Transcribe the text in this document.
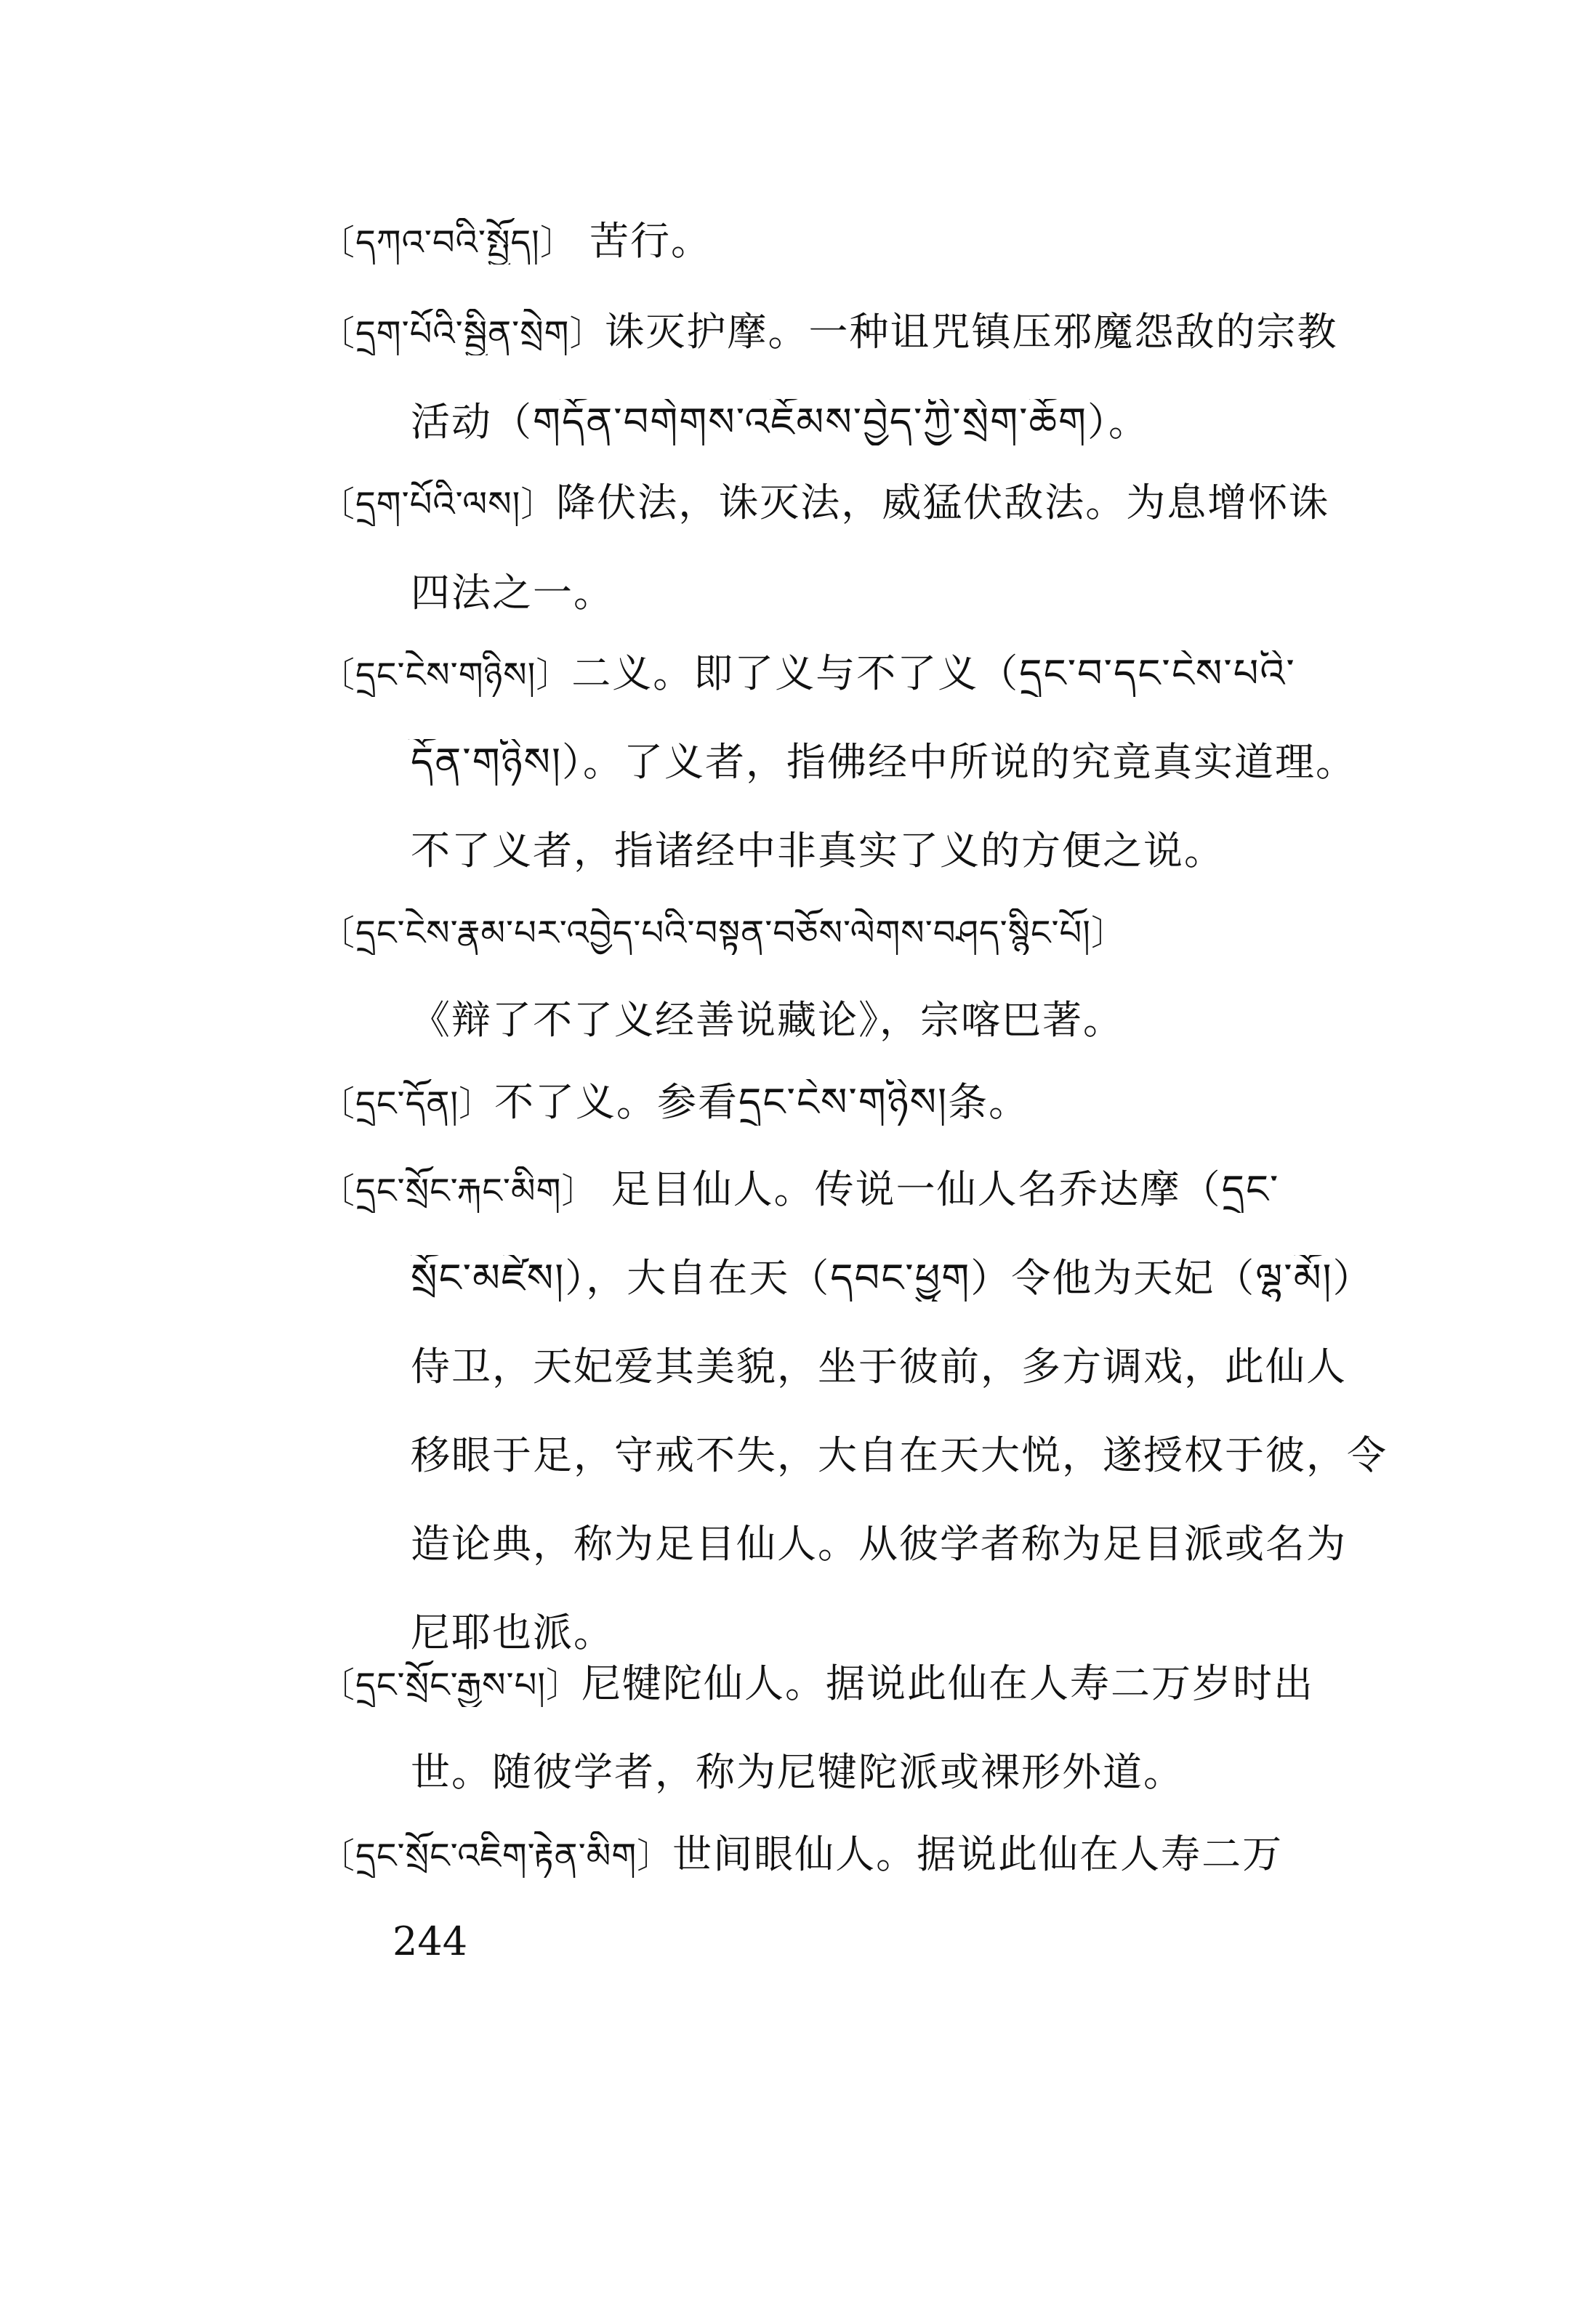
〔དཀའ་བའི་སྤྱོད།〕 苦行。
〔དྲག་པོའི་སྦྱིན་སྲེག〕诛灭护摩。一种诅咒镇压邪魔怨敌的宗教
活动（གདོན་བགེགས་འཇོམས་བྱེད་ཀྱི་སྲེག་ཆོག）。
〔དྲག་པོའི་ལས།〕降伏法，诛灭法，威猛伏敌法。为息增怀诛
四法之一。
〔དྲང་ངེས་གཉིས།〕二义。即了义与不了义（དྲང་བ་དང་ངེས་པའི་
དོན་གཉིས།）。了义者，指佛经中所说的究竟真实道理。
不了义者，指诸经中非真实了义的方便之说。
〔དྲང་ངེས་རྣམ་པར་འབྱེད་པའི་བསྟན་བཅོས་ལེགས་བཤད་སྙིང་པོ།〕
《辩了不了义经善说藏论》，宗喀巴著。
〔དྲང་དོན།〕不了义。参看དྲང་ངེས་གཉིས།条。
〔དྲང་སྲོང་རྐང་མིག〕 足目仙人。传说一仙人名乔达摩（དྲང་
སྲོང་མཛེས།），大自在天（དབང་ཕྱུག）令他为天妃（ལྷ་མོ།）
侍卫，天妃爱其美貌，坐于彼前，多方调戏，此仙人
移眼于足，守戒不失，大自在天大悦，遂授权于彼，令
造论典，称为足目仙人。从彼学者称为足目派或名为
尼耶也派。
〔དྲང་སྲོང་རྒྱས་པ།〕尼犍陀仙人。据说此仙在人寿二万岁时出
世。随彼学者，称为尼犍陀派或裸形外道。
〔དྲང་སྲོང་འཇིག་རྟེན་མིག〕世间眼仙人。据说此仙在人寿二万
244
